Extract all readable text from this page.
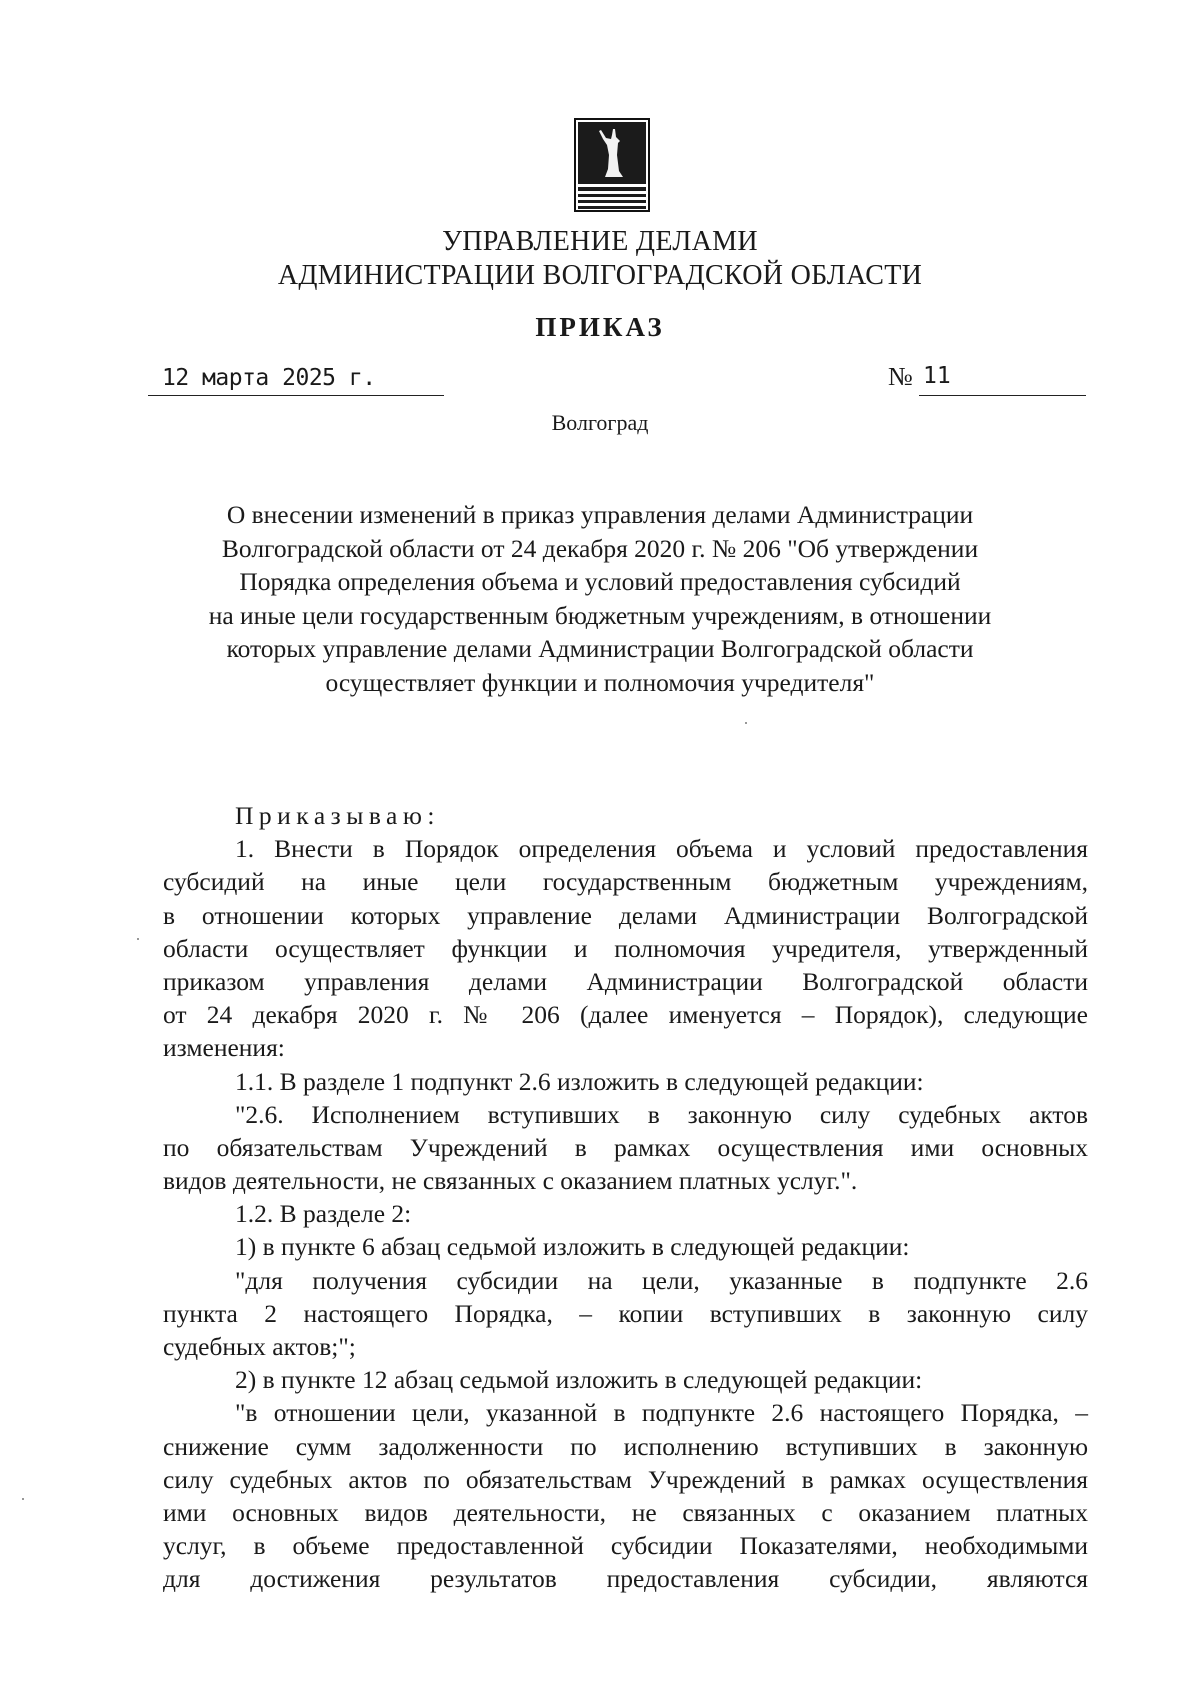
УПРАВЛЕНИЕ ДЕЛАМИ
АДМИНИСТРАЦИИ ВОЛГОГРАДСКОЙ ОБЛАСТИ
ПРИКАЗ
12 марта 2025 г.	№ 11
Волгоград
О внесении изменений в приказ управления делами Администрации
Волгоградской области от 24 декабря 2020 г. № 206 "Об утверждении
Порядка определения объема и условий предоставления субсидий
на иные цели государственным бюджетным учреждениям, в отношении
которых управление делами Администрации Волгоградской области
осуществляет функции и полномочия учредителя"
Приказываю:
1. Внести в Порядок определения объема и условий предоставления
субсидий на иные цели государственным бюджетным учреждениям,
в отношении которых управление делами Администрации Волгоградской
области осуществляет функции и полномочия учредителя, утвержденный
приказом управления делами Администрации Волгоградской области
от 24 декабря 2020 г. № 206 (далее именуется – Порядок), следующие
изменения:
1.1. В разделе 1 подпункт 2.6 изложить в следующей редакции:
"2.6. Исполнением вступивших в законную силу судебных актов
по обязательствам Учреждений в рамках осуществления ими основных
видов деятельности, не связанных с оказанием платных услуг.".
1.2. В разделе 2:
1) в пункте 6 абзац седьмой изложить в следующей редакции:
"для получения субсидии на цели, указанные в подпункте 2.6
пункта 2 настоящего Порядка, – копии вступивших в законную силу
судебных актов;";
2) в пункте 12 абзац седьмой изложить в следующей редакции:
"в отношении цели, указанной в подпункте 2.6 настоящего Порядка, –
снижение сумм задолженности по исполнению вступивших в законную
силу судебных актов по обязательствам Учреждений в рамках осуществления
ими основных видов деятельности, не связанных с оказанием платных
услуг, в объеме предоставленной субсидии Показателями, необходимыми
для достижения результатов предоставления субсидии, являются
